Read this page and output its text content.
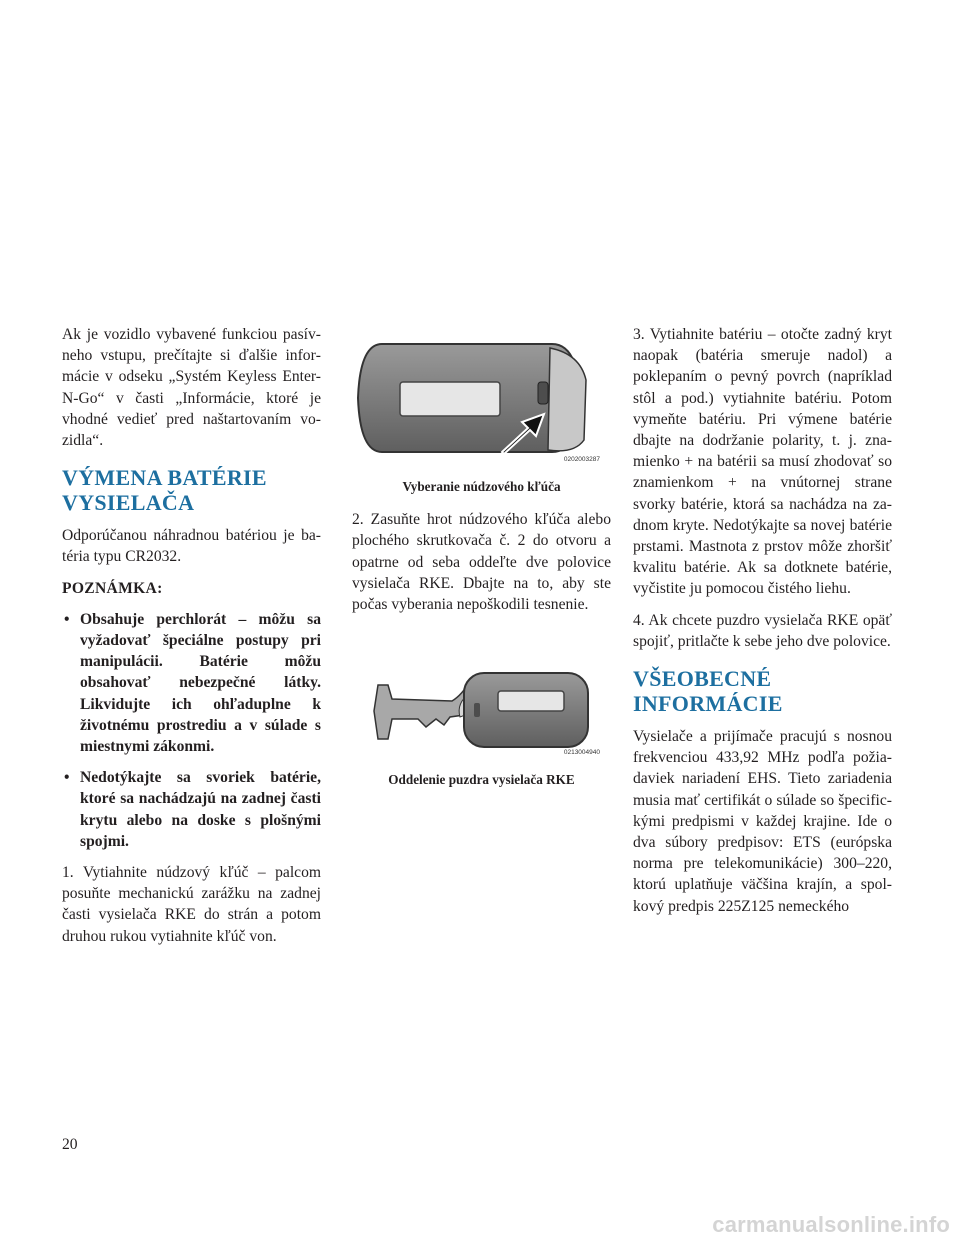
Ak je vozidlo vybavené funkciou pasívneho vstupu, prečítajte si ďalšie informácie v odseku „Systém Keyless Enter-N-Go“ v časti „Informácie, ktoré je vhodné vedieť pred naštartovaním vozidla“.

VÝMENA BATÉRIE VYSIELAČA

Odporúčanou náhradnou batériou je batéria typu CR2032.

POZNÁMKA:
• Obsahuje perchlorát – môžu sa vyžadovať špeciálne postupy pri manipulácii. Batérie môžu obsahovať nebezpečné látky. Likvidujte ich ohľaduplne k životnému prostrediu a v súlade s miestnymi zákonmi.
• Nedotýkajte sa svoriek batérie, ktoré sa nachádzajú na zadnej časti krytu alebo na doske s plošnými spojmi.

1. Vytiahnite núdzový kľúč – palcom posuňte mechanickú zarážku na zadnej časti vysielača RKE do strán a potom druhou rukou vytiahnite kľúč von.

0202003287
Vyberanie núdzového kľúča

2. Zasuňte hrot núdzového kľúča alebo plochého skrutkovača č. 2 do otvoru a opatrne od seba oddeľte dve polovice vysielača RKE. Dbajte na to, aby ste počas vyberania nepoškodili tesnenie.

0213004940
Oddelenie puzdra vysielača RKE

3. Vytiahnite batériu – otočte zadný kryt naopak (batéria smeruje nadol) a poklepaním o pevný povrch (napríklad stôl a pod.) vytiahnite batériu. Potom vymeňte batériu. Pri výmene batérie dbajte na dodržanie polarity, t. j. znamienko + na batérii sa musí zhodovať so znamienkom + na vnútornej strane svorky batérie, ktorá sa nachádza na zadnom kryte. Nedotýkajte sa novej batérie prstami. Mastnota z prstov môže zhoršiť kvalitu batérie. Ak sa dotknete batérie, vyčistite ju pomocou čistého liehu.

4. Ak chcete puzdro vysielača RKE opäť spojiť, pritlačte k sebe jeho dve polovice.

VŠEOBECNÉ INFORMÁCIE

Vysielače a prijímače pracujú s nosnou frekvenciou 433,92 MHz podľa požiadaviek nariadení EHS. Tieto zariadenia musia mať certifikát o súlade so špecifickými predpismi v každej krajine. Ide o dva súbory predpisov: ETS (európska norma pre telekomunikácie) 300–220, ktorú uplatňuje väčšina krajín, a spolkový predpis 225Z125 nemeckého

20
carmanualsonline.info
